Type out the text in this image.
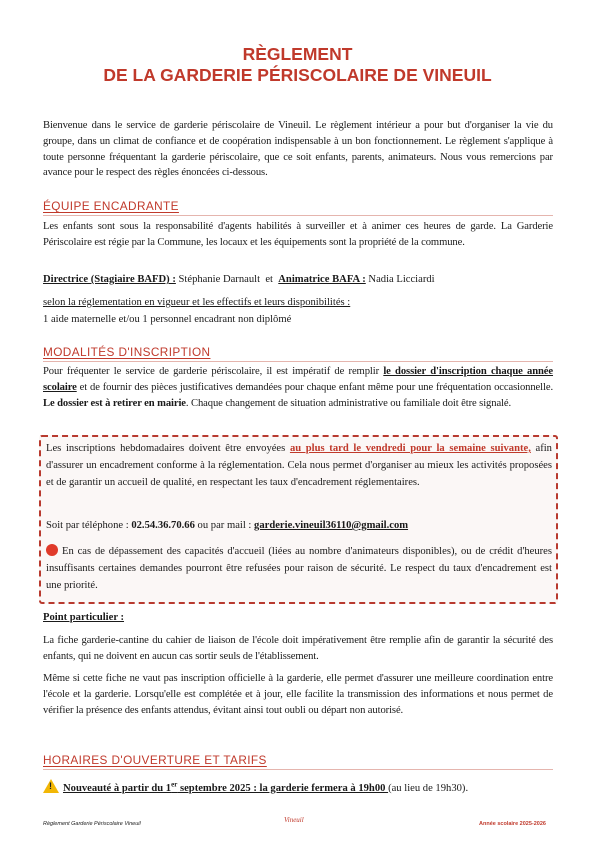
RÈGLEMENT
DE LA GARDERIE PÉRISCOLAIRE DE VINEUIL
Bienvenue dans le service de garderie périscolaire de Vineuil. Le règlement intérieur a pour but d'organiser la vie du groupe, dans un climat de confiance et de coopération indispensable à un bon fonctionnement. Le règlement s'applique à toute personne fréquentant la garderie périscolaire, que ce soit enfants, parents, animateurs. Nous vous remercions par avance pour le respect des règles énoncées ci-dessous.
ÉQUIPE ENCADRANTE
Les enfants sont sous la responsabilité d'agents habilités à surveiller et à animer ces heures de garde. La Garderie Périscolaire est régie par la Commune, les locaux et les équipements sont la propriété de la commune.
Directrice (Stagiaire BAFD) : Stéphanie Darnault et Animatrice BAFA : Nadia Licciardi
selon la réglementation en vigueur et les effectifs et leurs disponibilités :
1 aide maternelle et/ou 1 personnel encadrant non diplômé
MODALITÉS D'INSCRIPTION
Pour fréquenter le service de garderie périscolaire, il est impératif de remplir le dossier d'inscription chaque année scolaire et de fournir des pièces justificatives demandées pour chaque enfant même pour une fréquentation occasionnelle. Le dossier est à retirer en mairie. Chaque changement de situation administrative ou familiale doit être signalé.
Les inscriptions hebdomadaires doivent être envoyées au plus tard le vendredi pour la semaine suivante, afin d'assurer un encadrement conforme à la réglementation. Cela nous permet d'organiser au mieux les activités proposées et de garantir un accueil de qualité, en respectant les taux d'encadrement réglementaires.
Soit par téléphone : 02.54.36.70.66 ou par mail : garderie.vineuil36110@gmail.com
En cas de dépassement des capacités d'accueil (liées au nombre d'animateurs disponibles), ou de crédit d'heures insuffisants certaines demandes pourront être refusées pour raison de sécurité. Le respect du taux d'encadrement est une priorité.
Point particulier :
La fiche garderie-cantine du cahier de liaison de l'école doit impérativement être remplie afin de garantir la sécurité des enfants, qui ne doivent en aucun cas sortir seuls de l'établissement.
Même si cette fiche ne vaut pas inscription officielle à la garderie, elle permet d'assurer une meilleure coordination entre l'école et la garderie. Lorsqu'elle est complétée et à jour, elle facilite la transmission des informations et nous permet de vérifier la présence des enfants attendus, évitant ainsi tout oubli ou départ non autorisé.
HORAIRES D'OUVERTURE ET TARIFS
!Nouveauté à partir du 1er septembre 2025 : la garderie fermera à 19h00 (au lieu de 19h30).
Règlement Garderie Périscolaire Vineuil	Vineuil	Année scolaire 2025-2026
